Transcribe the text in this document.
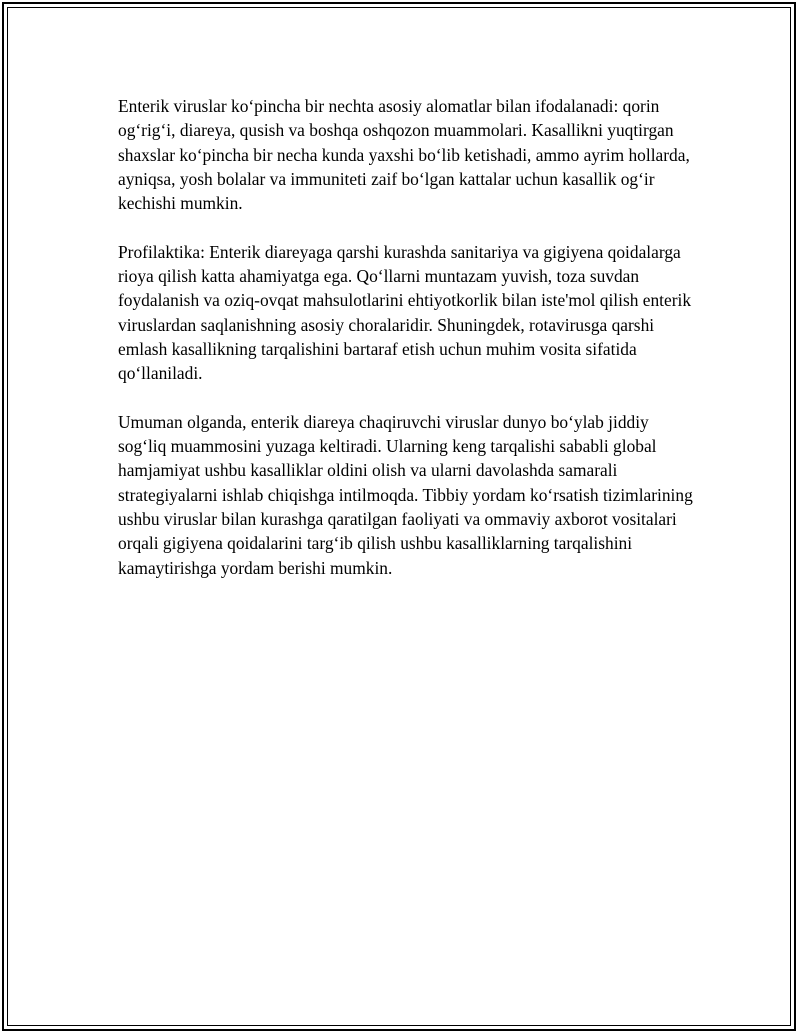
Enterik viruslar ko‘pincha bir nechta asosiy alomatlar bilan ifodalanadi: qorin og‘rig‘i, diareya, qusish va boshqa oshqozon muammolari. Kasallikni yuqtirgan shaxslar ko‘pincha bir necha kunda yaxshi bo‘lib ketishadi, ammo ayrim hollarda, ayniqsa, yosh bolalar va immuniteti zaif bo‘lgan kattalar uchun kasallik og‘ir kechishi mumkin.

Profilaktika: Enterik diareyaga qarshi kurashda sanitariya va gigiyena qoidalarga rioya qilish katta ahamiyatga ega. Qo‘llarni muntazam yuvish, toza suvdan foydalanish va oziq-ovqat mahsulotlarini ehtiyotkorlik bilan iste'mol qilish enterik viruslardan saqlanishning asosiy choralaridir. Shuningdek, rotavirusga qarshi emlash kasallikning tarqalishini bartaraf etish uchun muhim vosita sifatida qo‘llaniladi.

Umuman olganda, enterik diareya chaqiruvchi viruslar dunyo bo‘ylab jiddiy sog‘liq muammosini yuzaga keltiradi. Ularning keng tarqalishi sababli global hamjamiyat ushbu kasalliklar oldini olish va ularni davolashda samarali strategiyalarni ishlab chiqishga intilmoqda. Tibbiy yordam ko‘rsatish tizimlarining ushbu viruslar bilan kurashga qaratilgan faoliyati va ommaviy axborot vositalari orqali gigiyena qoidalarini targ‘ib qilish ushbu kasalliklarning tarqalishini kamaytirishga yordam berishi mumkin.
